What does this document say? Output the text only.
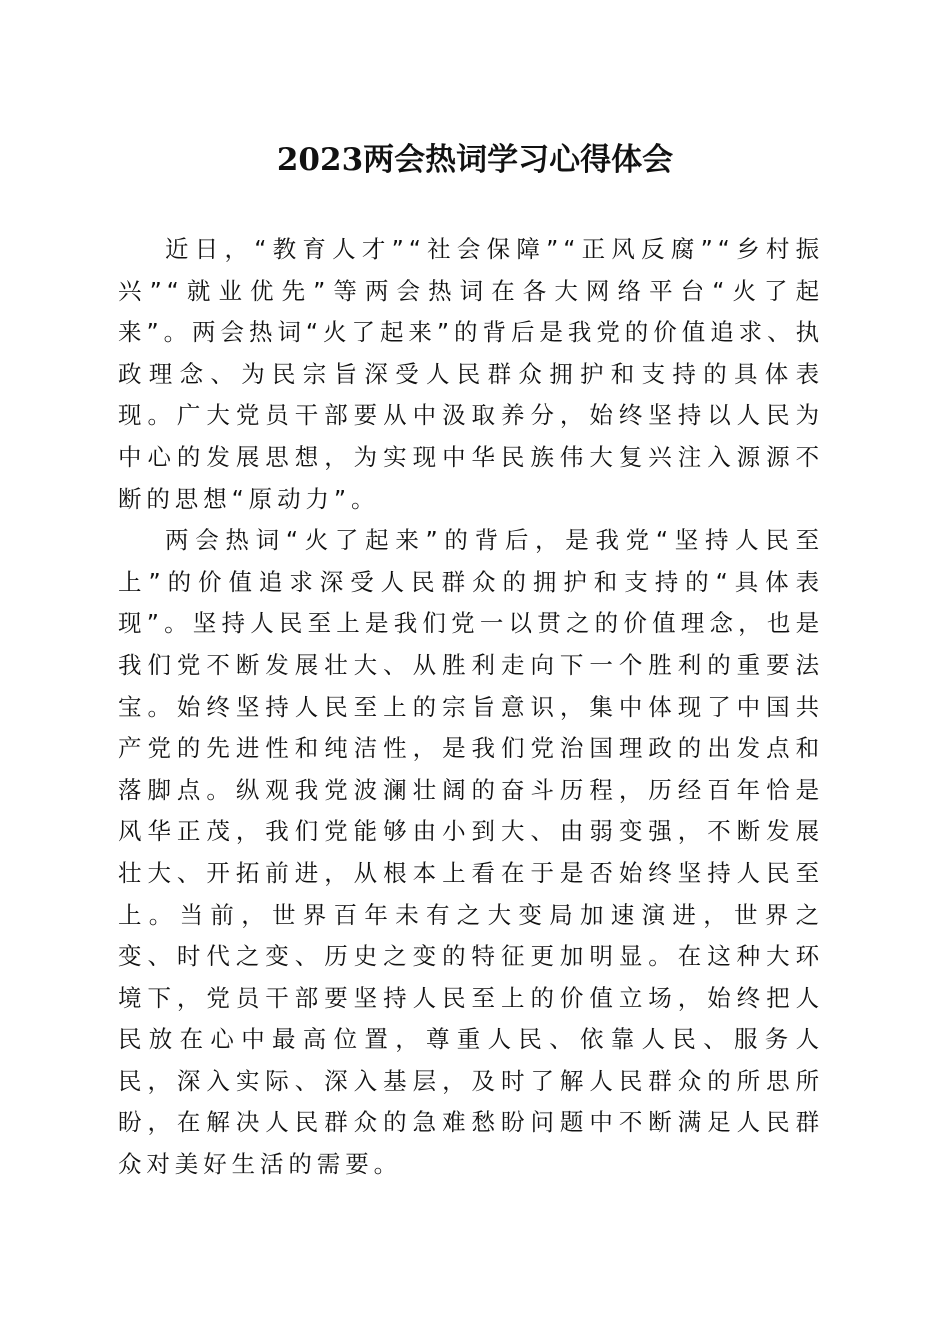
2023两会热词学习心得体会

近日，“教育人才”“社会保障”“正风反腐”“乡村振兴”“就业优先”等两会热词在各大网络平台“火了起来”。两会热词“火了起来”的背后是我党的价值追求、执政理念、为民宗旨深受人民群众拥护和支持的具体表现。广大党员干部要从中汲取养分，始终坚持以人民为中心的发展思想，为实现中华民族伟大复兴注入源源不断的思想“原动力”。

两会热词“火了起来”的背后，是我党“坚持人民至上”的价值追求深受人民群众的拥护和支持的“具体表现”。坚持人民至上是我们党一以贯之的价值理念，也是我们党不断发展壮大、从胜利走向下一个胜利的重要法宝。始终坚持人民至上的宗旨意识，集中体现了中国共产党的先进性和纯洁性，是我们党治国理政的出发点和落脚点。纵观我党波澜壮阔的奋斗历程，历经百年恰是风华正茂，我们党能够由小到大、由弱变强，不断发展壮大、开拓前进，从根本上看在于是否始终坚持人民至上。当前，世界百年未有之大变局加速演进，世界之变、时代之变、历史之变的特征更加明显。在这种大环境下，党员干部要坚持人民至上的价值立场，始终把人民放在心中最高位置，尊重人民、依靠人民、服务人民，深入实际、深入基层，及时了解人民群众的所思所盼，在解决人民群众的急难愁盼问题中不断满足人民群众对美好生活的需要。
